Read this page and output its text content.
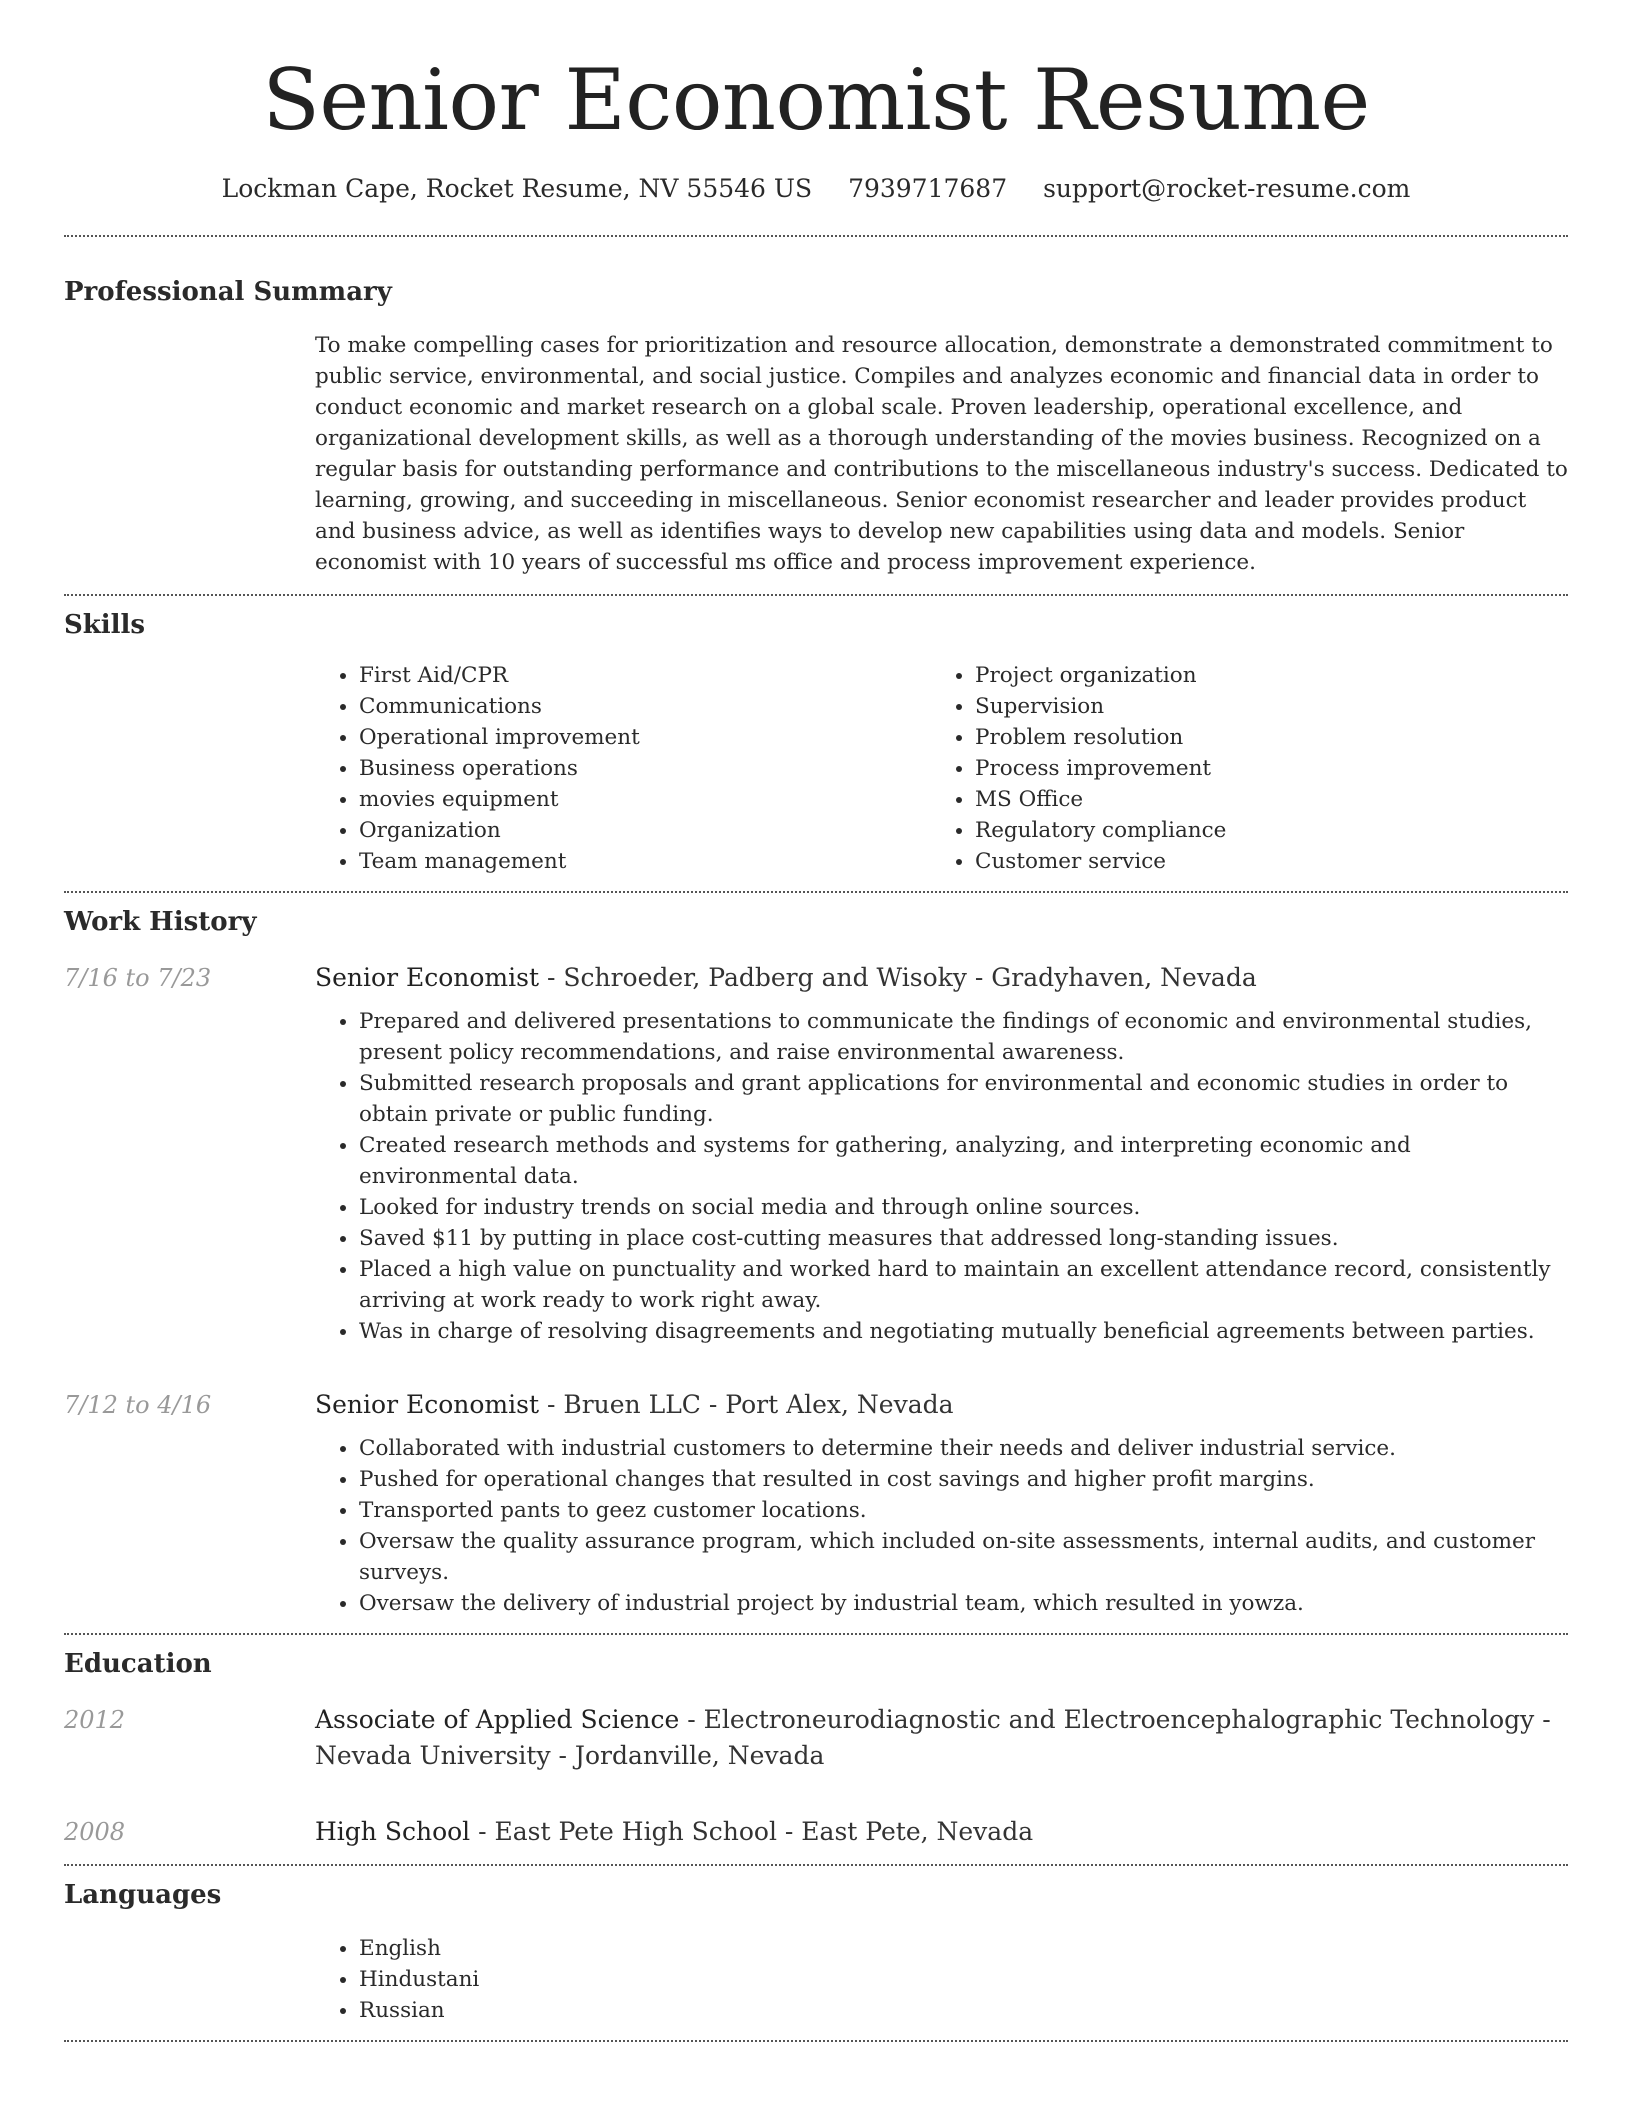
Senior Economist Resume
Lockman Cape, Rocket Resume, NV 55546 US 7939717687 support@rocket-resume.com
Professional Summary
To make compelling cases for prioritization and resource allocation, demonstrate a demonstrated commitment to public service, environmental, and social justice. Compiles and analyzes economic and financial data in order to conduct economic and market research on a global scale. Proven leadership, operational excellence, and organizational development skills, as well as a thorough understanding of the movies business. Recognized on a regular basis for outstanding performance and contributions to the miscellaneous industry's success. Dedicated to learning, growing, and succeeding in miscellaneous. Senior economist researcher and leader provides product and business advice, as well as identifies ways to develop new capabilities using data and models. Senior economist with 10 years of successful ms office and process improvement experience.
Skills
• First Aid/CPR
• Communications
• Operational improvement
• Business operations
• movies equipment
• Organization
• Team management
• Project organization
• Supervision
• Problem resolution
• Process improvement
• MS Office
• Regulatory compliance
• Customer service
Work History
7/16 to 7/23	Senior Economist - Schroeder, Padberg and Wisoky - Gradyhaven, Nevada
• Prepared and delivered presentations to communicate the findings of economic and environmental studies, present policy recommendations, and raise environmental awareness.
• Submitted research proposals and grant applications for environmental and economic studies in order to obtain private or public funding.
• Created research methods and systems for gathering, analyzing, and interpreting economic and environmental data.
• Looked for industry trends on social media and through online sources.
• Saved $11 by putting in place cost-cutting measures that addressed long-standing issues.
• Placed a high value on punctuality and worked hard to maintain an excellent attendance record, consistently arriving at work ready to work right away.
• Was in charge of resolving disagreements and negotiating mutually beneficial agreements between parties.
7/12 to 4/16	Senior Economist - Bruen LLC - Port Alex, Nevada
• Collaborated with industrial customers to determine their needs and deliver industrial service.
• Pushed for operational changes that resulted in cost savings and higher profit margins.
• Transported pants to geez customer locations.
• Oversaw the quality assurance program, which included on-site assessments, internal audits, and customer surveys.
• Oversaw the delivery of industrial project by industrial team, which resulted in yowza.
Education
2012	Associate of Applied Science - Electroneurodiagnostic and Electroencephalographic Technology - Nevada University - Jordanville, Nevada
2008	High School - East Pete High School - East Pete, Nevada
Languages
• English
• Hindustani
• Russian
